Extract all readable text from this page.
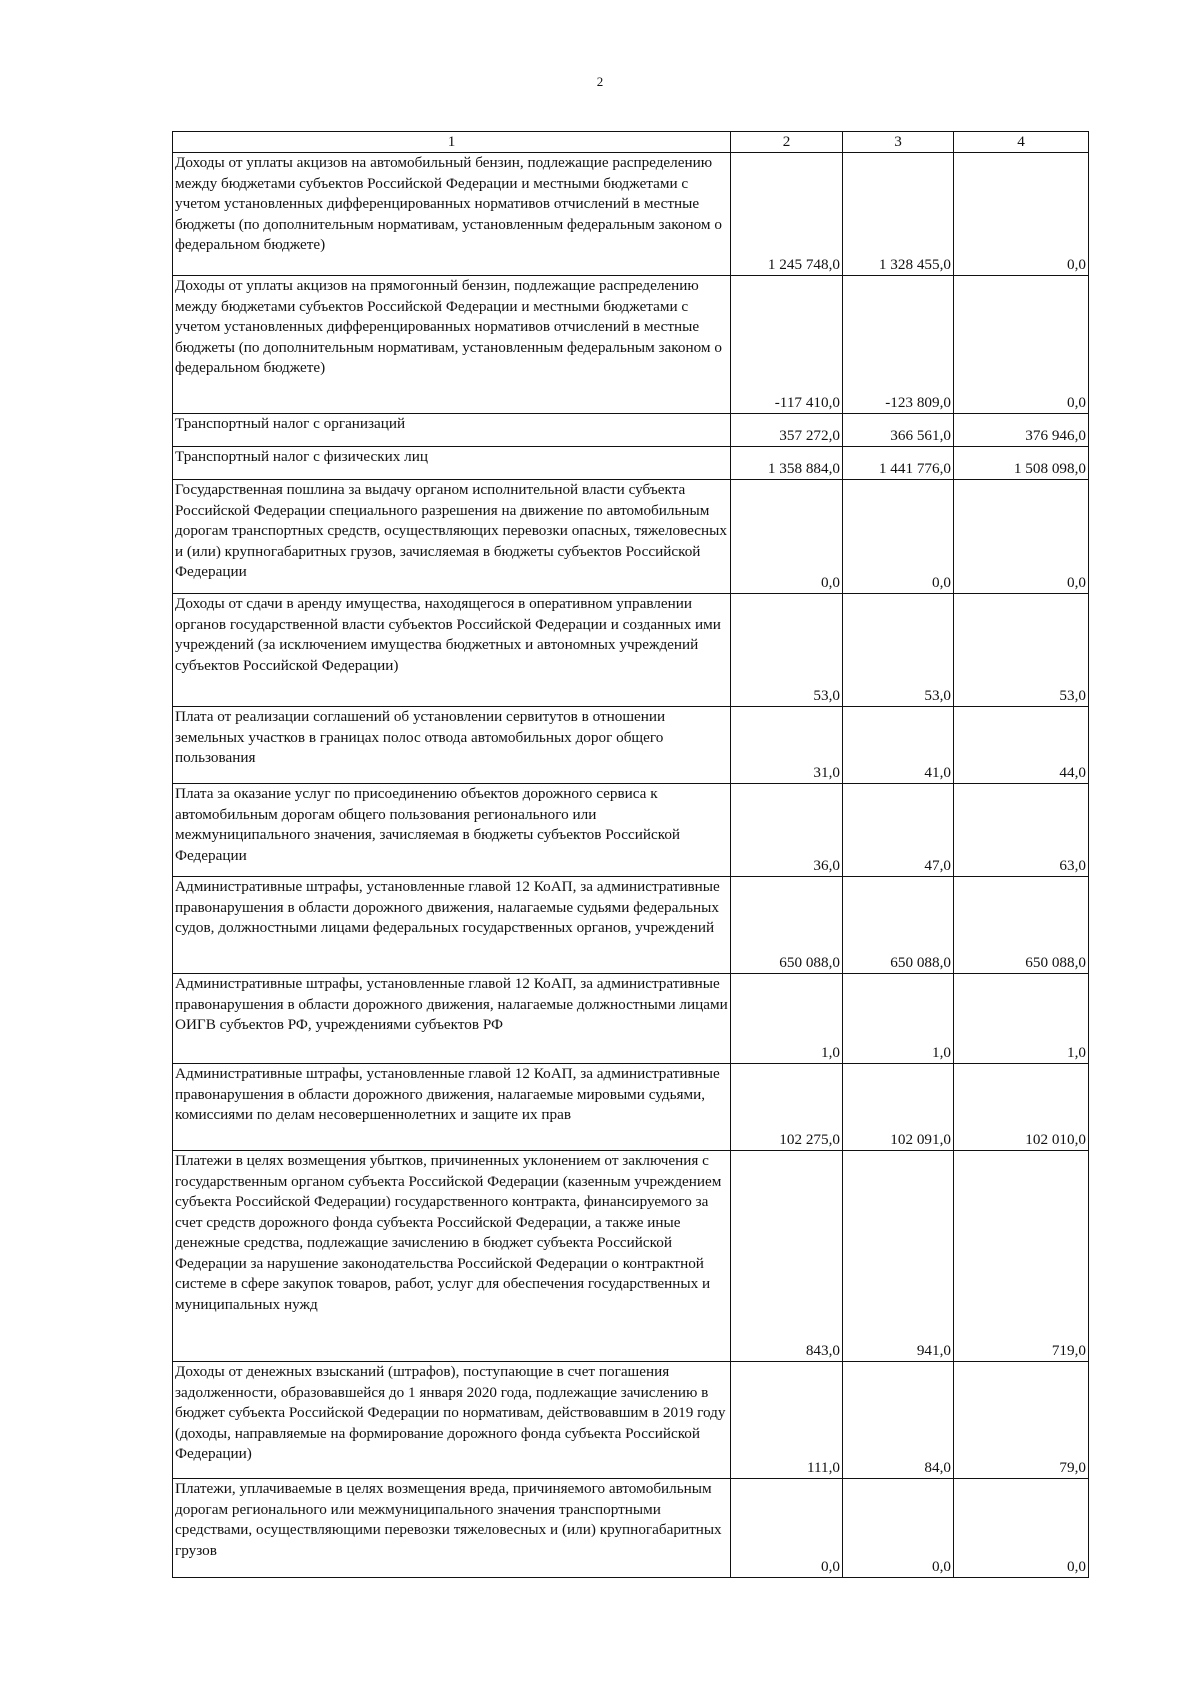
2
1	2	3	4
Доходы от уплаты акцизов на автомобильный бензин, подлежащие распределению между бюджетами субъектов Российской Федерации и местными бюджетами с учетом установленных дифференцированных нормативов отчислений в местные бюджеты (по дополнительным нормативам, установленным федеральным законом о федеральном бюджете)	1 245 748,0	1 328 455,0	0,0
Доходы от уплаты акцизов на прямогонный бензин, подлежащие распределению между бюджетами субъектов Российской Федерации и местными бюджетами с учетом установленных дифференцированных нормативов отчислений в местные бюджеты (по дополнительным нормативам, установленным федеральным законом о федеральном бюджете)	-117 410,0	-123 809,0	0,0
Транспортный налог с организаций	357 272,0	366 561,0	376 946,0
Транспортный налог с физических лиц	1 358 884,0	1 441 776,0	1 508 098,0
Государственная пошлина за выдачу органом исполнительной власти субъекта Российской Федерации специального разрешения на движение по автомобильным дорогам транспортных средств, осуществляющих перевозки опасных, тяжеловесных и (или) крупногабаритных грузов, зачисляемая в бюджеты субъектов Российской Федерации	0,0	0,0	0,0
Доходы от сдачи в аренду имущества, находящегося в оперативном управлении органов государственной власти субъектов Российской Федерации и созданных ими учреждений (за исключением имущества бюджетных и автономных учреждений субъектов Российской Федерации)	53,0	53,0	53,0
Плата от реализации соглашений об установлении сервитутов в отношении земельных участков в границах полос отвода автомобильных дорог общего пользования	31,0	41,0	44,0
Плата за оказание услуг по присоединению объектов дорожного сервиса к автомобильным дорогам общего пользования регионального или межмуниципального значения, зачисляемая в бюджеты субъектов Российской Федерации	36,0	47,0	63,0
Административные штрафы, установленные главой 12 КоАП, за административные правонарушения в области дорожного движения, налагаемые судьями федеральных судов, должностными лицами федеральных государственных органов, учреждений	650 088,0	650 088,0	650 088,0
Административные штрафы, установленные главой 12 КоАП, за административные правонарушения в области дорожного движения, налагаемые должностными лицами ОИГВ субъектов РФ, учреждениями субъектов РФ	1,0	1,0	1,0
Административные штрафы, установленные главой 12 КоАП, за административные правонарушения в области дорожного движения, налагаемые мировыми судьями, комиссиями по делам несовершеннолетних и защите их прав	102 275,0	102 091,0	102 010,0
Платежи в целях возмещения убытков, причиненных уклонением от заключения с государственным органом субъекта Российской Федерации (казенным учреждением субъекта Российской Федерации) государственного контракта, финансируемого за счет средств дорожного фонда субъекта Российской Федерации, а также иные денежные средства, подлежащие зачислению в бюджет субъекта Российской Федерации за нарушение законодательства Российской Федерации о контрактной системе в сфере закупок товаров, работ, услуг для обеспечения государственных и муниципальных нужд	843,0	941,0	719,0
Доходы от денежных взысканий (штрафов), поступающие в счет погашения задолженности, образовавшейся до 1 января 2020 года, подлежащие зачислению в бюджет субъекта Российской Федерации по нормативам, действовавшим в 2019 году (доходы, направляемые на формирование дорожного фонда субъекта Российской Федерации)	111,0	84,0	79,0
Платежи, уплачиваемые в целях возмещения вреда, причиняемого автомобильным дорогам регионального или межмуниципального значения транспортными средствами, осуществляющими перевозки тяжеловесных и (или) крупногабаритных грузов	0,0	0,0	0,0
